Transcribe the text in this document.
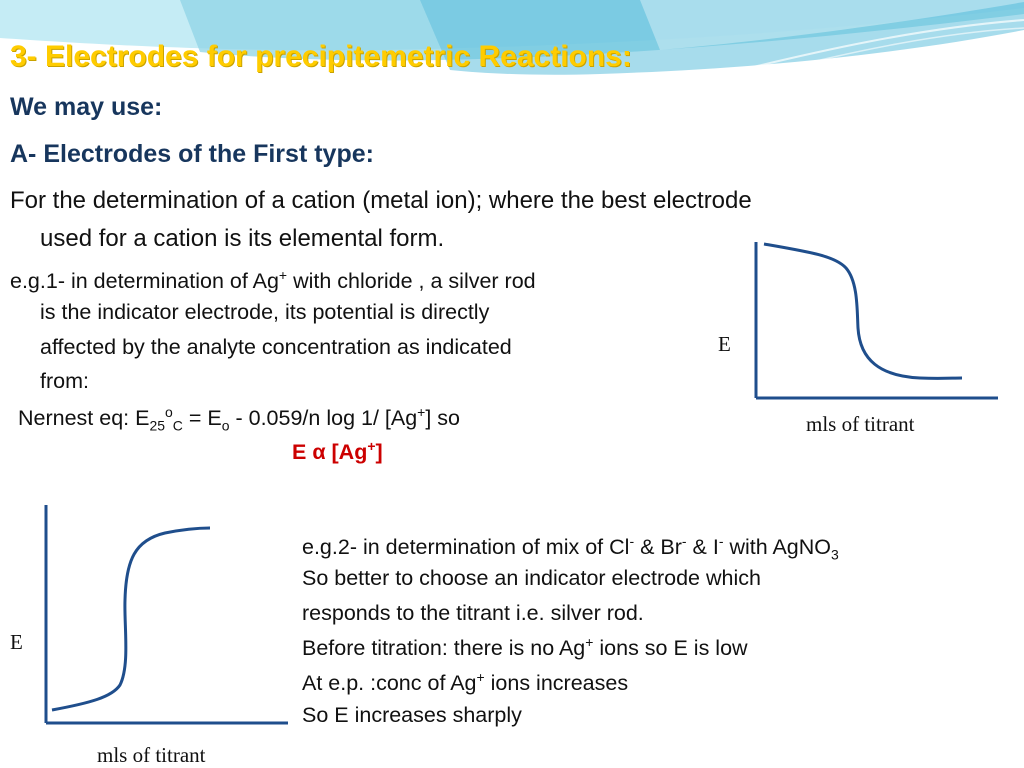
3- Electrodes for precipitemetric Reactions:
We may use:
A- Electrodes of the First type:
For the determination of a cation (metal ion); where the best electrode
used for a cation is its elemental form.
e.g.1- in determination of Ag+ with chloride , a silver rod
is the indicator electrode, its potential is directly
affected by the analyte concentration as indicated
from:
Nernest eq: $E_{25}^o_C = E_o - 0.059/n$ log 1/ [Ag+] so
E α [Ag+]
E
mls of titrant
E
mls of titrant
e.g.2- in determination of mix of Cl- & Br- & I- with AgNO$_3$
So better to choose an indicator electrode which
responds to the titrant i.e. silver rod.
Before titration: there is no Ag+ ions so E is low
At e.p. :conc of Ag+ ions increases
So E increases sharply
